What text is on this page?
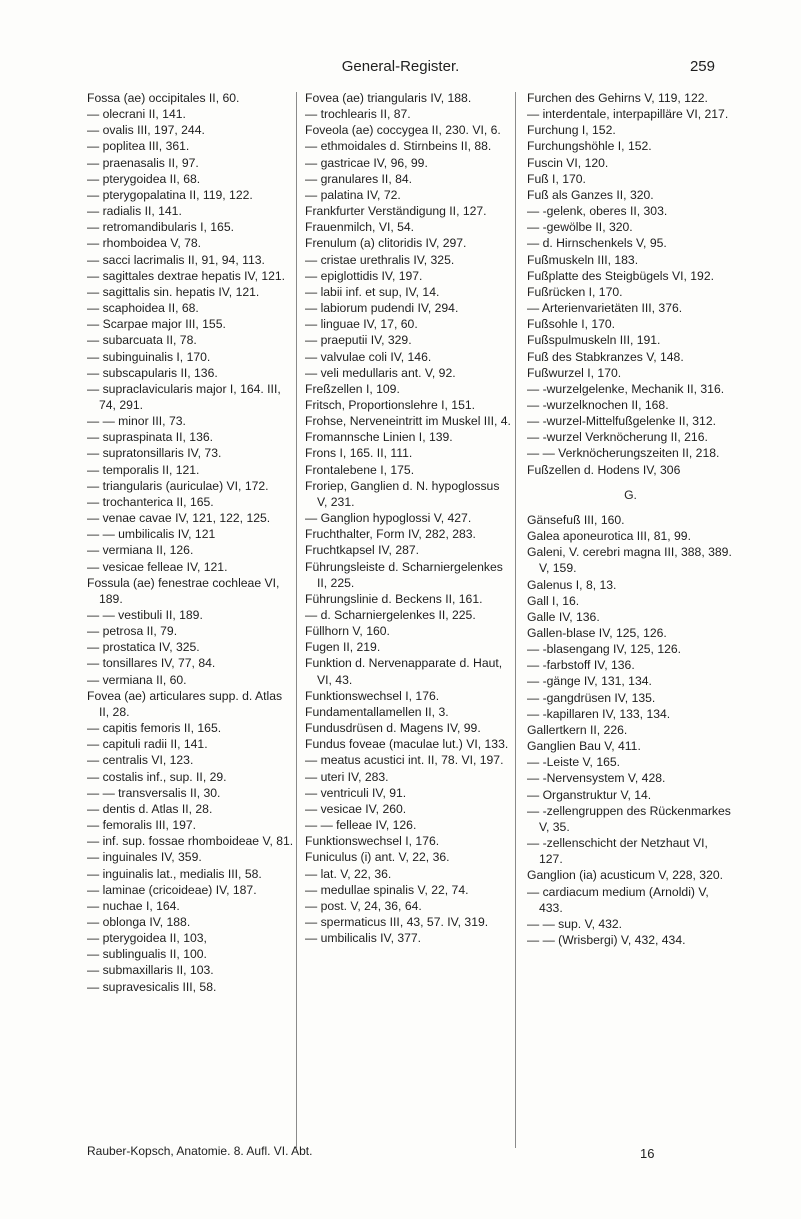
General-Register.	259

Fossa (ae) occipitales II, 60.

— olecrani II, 141.

— ovalis III, 197, 244.

— poplitea III, 361.

— praenasalis II, 97.

— pterygoidea II, 68.

— pterygopalatina II, 119, 122.

— radialis II, 141.

— retromandibularis I, 165.

— rhomboidea V, 78.

— sacci lacrimalis II, 91, 94, 113.

— sagittales dextrae hepatis IV, 121.

— sagittalis sin. hepatis IV, 121.

— scaphoidea II, 68.

— Scarpae major III, 155.

— subarcuata II, 78.

— subinguinalis I, 170.

— subscapularis II, 136.

— supraclavicularis major I, 164. III, 74, 291.

— — minor III, 73.

— supraspinata II, 136.

— supratonsillaris IV, 73.

— temporalis II, 121.

— triangularis (auriculae) VI, 172.

— trochanterica II, 165.

— venae cavae IV, 121, 122, 125.

— — umbilicalis IV, 121

— vermiana II, 126.

— vesicae felleae IV, 121.

Fossula (ae) fenestrae cochleae VI, 189.

— — vestibuli II, 189.

— petrosa II, 79.

— prostatica IV, 325.

— tonsillares IV, 77, 84.

— vermiana II, 60.

Fovea (ae) articulares supp. d. Atlas II, 28.

— capitis femoris II, 165.

— capituli radii II, 141.

— centralis VI, 123.

— costalis inf., sup. II, 29.

— — transversalis II, 30.

— dentis d. Atlas II, 28.

— femoralis III, 197.

— inf. sup. fossae rhomboideae V, 81.

— inguinales IV, 359.

— inguinalis lat., medialis III, 58.

— laminae (cricoideae) IV, 187.

— nuchae I, 164.

— oblonga IV, 188.

— pterygoidea II, 103,

— sublingualis II, 100.

— submaxillaris II, 103.

— supravesicalis III, 58.

Fovea (ae) triangularis IV, 188.

— trochlearis II, 87.

Foveola (ae) coccygea II, 230. VI, 6.

— ethmoidales d. Stirnbeins II, 88.

— gastricae IV, 96, 99.

— granulares II, 84.

— palatina IV, 72.

Frankfurter Verständigung II, 127.

Frauenmilch, VI, 54.

Frenulum (a) clitoridis IV, 297.

— cristae urethralis IV, 325.

— epiglottidis IV, 197.

— labii inf. et sup, IV, 14.

— labiorum pudendi IV, 294.

— linguae IV, 17, 60.

— praeputii IV, 329.

— valvulae coli IV, 146.

— veli medullaris ant. V, 92.

Freßzellen I, 109.

Fritsch, Proportionslehre I, 151.

Frohse, Nerveneintritt im Muskel III, 4.

Fromannsche Linien I, 139.

Frons I, 165. II, 111.

Frontalebene I, 175.

Froriep, Ganglien d. N. hypoglossus V, 231.

— Ganglion hypoglossi V, 427.

Fruchthalter, Form IV, 282, 283.

Fruchtkapsel IV, 287.

Führungsleiste d. Scharniergelenkes II, 225.

Führungslinie d. Beckens II, 161.

— d. Scharniergelenkes II, 225.

Füllhorn V, 160.

Fugen II, 219.

Funktion d. Nervenapparate d. Haut, VI, 43.

Funktionswechsel I, 176.

Fundamentallamellen II, 3.

Fundusdrüsen d. Magens IV, 99.

Fundus foveae (maculae lut.) VI, 133.

— meatus acustici int. II, 78. VI, 197.

— uteri IV, 283.

— ventriculi IV, 91.

— vesicae IV, 260.

— — felleae IV, 126.

Funktionswechsel I, 176.

Funiculus (i) ant. V, 22, 36.

— lat. V, 22, 36.

— medullae spinalis V, 22, 74.

— post. V, 24, 36, 64.

— spermaticus III, 43, 57. IV, 319.

— umbilicalis IV, 377.

Furchen des Gehirns V, 119, 122.

— interdentale, interpapilläre VI, 217.

Furchung I, 152.

Furchungshöhle I, 152.

Fuscin VI, 120.

Fuß I, 170.

Fuß als Ganzes II, 320.

— -gelenk, oberes II, 303.

— -gewölbe II, 320.

— d. Hirnschenkels V, 95.

Fußmuskeln III, 183.

Fußplatte des Steigbügels VI, 192.

Fußrücken I, 170.

— Arterienvarietäten III, 376.

Fußsohle I, 170.

Fußspulmuskeln III, 191.

Fuß des Stabkranzes V, 148.

Fußwurzel I, 170.

— -wurzelgelenke, Mechanik II, 316.

— -wurzelknochen II, 168.

— -wurzel-Mittelfußgelenke II, 312.

— -wurzel Verknöcherung II, 216.

— — Verknöcherungszeiten II, 218.

Fußzellen d. Hodens IV, 306

G.

Gänsefuß III, 160.

Galea aponeurotica III, 81, 99.

Galeni, V. cerebri magna III, 388, 389. V, 159.

Galenus I, 8, 13.

Gall I, 16.

Galle IV, 136.

Gallen-blase IV, 125, 126.

— -blasengang IV, 125, 126.

— -farbstoff IV, 136.

— -gänge IV, 131, 134.

— -gangdrüsen IV, 135.

— -kapillaren IV, 133, 134.

Gallertkern II, 226.

Ganglien Bau V, 411.

— -Leiste V, 165.

— -Nervensystem V, 428.

— Organstruktur V, 14.

— -zellengruppen des Rückenmarkes V, 35.

— -zellenschicht der Netzhaut VI, 127.

Ganglion (ia) acusticum V, 228, 320.

— cardiacum medium (Arnoldi) V, 433.

— — sup. V, 432.

— — (Wrisbergi) V, 432, 434.

Rauber-Kopsch, Anatomie. 8. Aufl. VI. Abt.	16
